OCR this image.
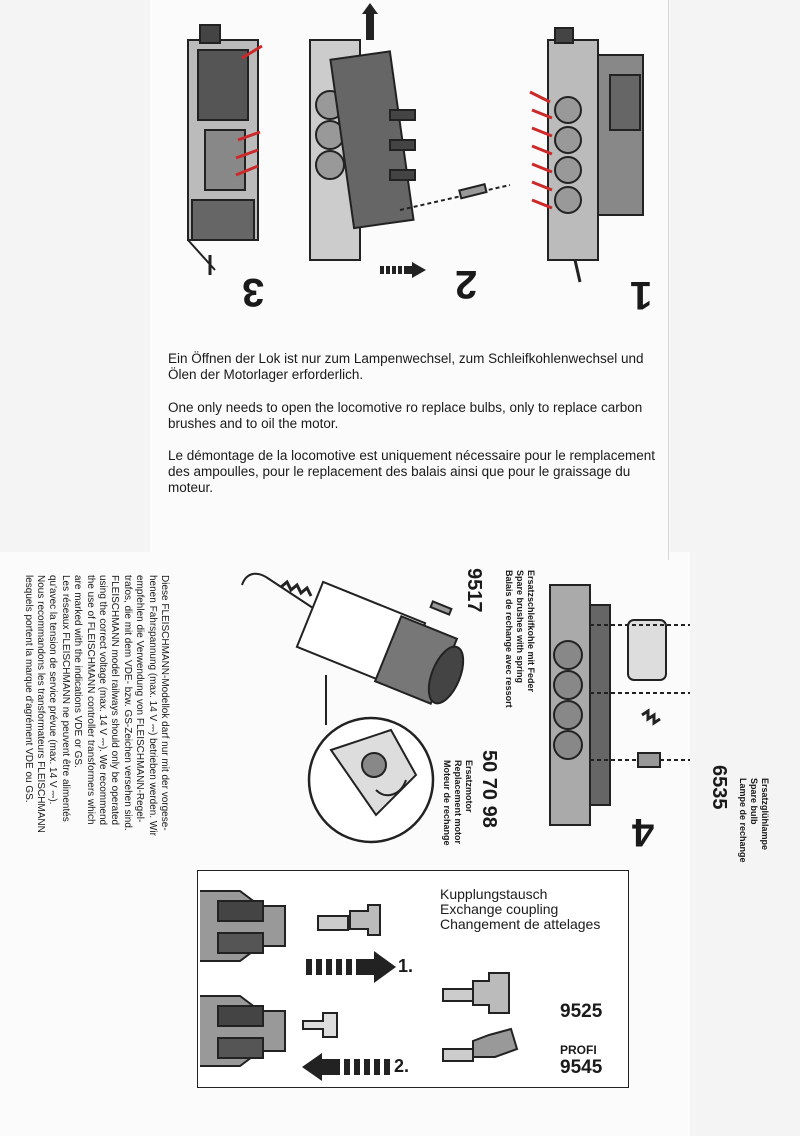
3	2	1
Ein Öffnen der Lok ist nur zum Lampenwechsel, zum Schleifkohlenwechsel und Ölen der Motorlager erforderlich.
One only needs to open the locomotive ro replace bulbs, only to replace carbon brushes and to oil the motor.
Le démontage de la locomotive est uniquement nécessaire pour le remplacement des ampoulles, pour le replacement des balais ainsi que pour le graissage du moteur.
Diese FLEISCHMANN-Modellok darf nur mit der vorgese-
henen Fahrspannung (max. 14 V ⎓) betrieben werden. Wir
empfehlen die Verwendung von FLEISCHMANN-Regel-
trafos, die mit dem VDE- bzw. GS-Zeichen versehen sind.
FLEISCHMANN model railways should only be operated
using the correct voltage (max. 14 V ⎓). We recommend
the use of FLEISCHMANN controller transformers which
are marked with the indications VDE or GS.
Les réseaux FLEISCHMANN ne peuvent être alimentés
qu'avec la tension de service prévue (max. 14 V ⎓).
Nous recommandons les transformateurs FLEISCHMANN
lesquels portent la marque d'agrément VDE ou GS.	Ersatzschleifkohle mit Feder
Spare brushes with spring
Balais de rechange avec ressort
9517
50 70 98
Ersatzmotor
Replacement motor
Moteur de rechange	4
6535	Ersatzglühlampe
Spare bulb
Lampe de rechange
Kupplungstausch
Exchange coupling
Changement de attelages
1.
2.
9525
PROFI
9545
